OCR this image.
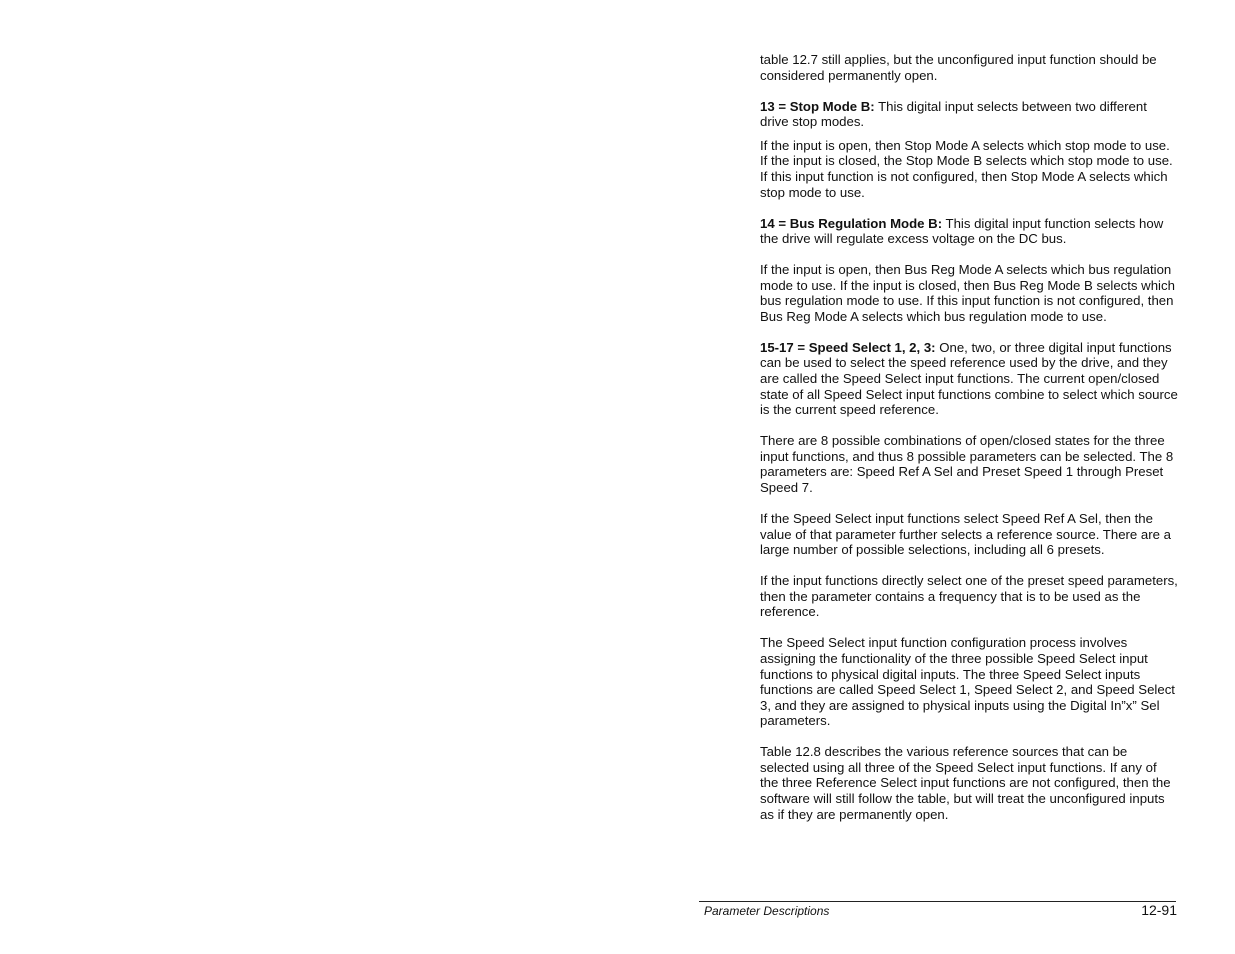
table 12.7 still applies, but the unconfigured input function should be considered permanently open.

13 = Stop Mode B: This digital input selects between two different drive stop modes.

If the input is open, then Stop Mode A selects which stop mode to use. If the input is closed, the Stop Mode B selects which stop mode to use. If this input function is not configured, then Stop Mode A selects which stop mode to use.

14 = Bus Regulation Mode B: This digital input function selects how the drive will regulate excess voltage on the DC bus.

If the input is open, then Bus Reg Mode A selects which bus regulation mode to use. If the input is closed, then Bus Reg Mode B selects which bus regulation mode to use. If this input function is not configured, then Bus Reg Mode A selects which bus regulation mode to use.

15-17 = Speed Select 1, 2, 3: One, two, or three digital input functions can be used to select the speed reference used by the drive, and they are called the Speed Select input functions. The current open/closed state of all Speed Select input functions combine to select which source is the current speed reference.

There are 8 possible combinations of open/closed states for the three input functions, and thus 8 possible parameters can be selected. The 8 parameters are: Speed Ref A Sel and Preset Speed 1 through Preset Speed 7.

If the Speed Select input functions select Speed Ref A Sel, then the value of that parameter further selects a reference source. There are a large number of possible selections, including all 6 presets.

If the input functions directly select one of the preset speed parameters, then the parameter contains a frequency that is to be used as the reference.

The Speed Select input function configuration process involves assigning the functionality of the three possible Speed Select input functions to physical digital inputs. The three Speed Select inputs functions are called Speed Select 1, Speed Select 2, and Speed Select 3, and they are assigned to physical inputs using the Digital In”x” Sel parameters.

Table 12.8 describes the various reference sources that can be selected using all three of the Speed Select input functions. If any of the three Reference Select input functions are not configured, then the software will still follow the table, but will treat the unconfigured inputs as if they are permanently open.

Parameter Descriptions	12-91
